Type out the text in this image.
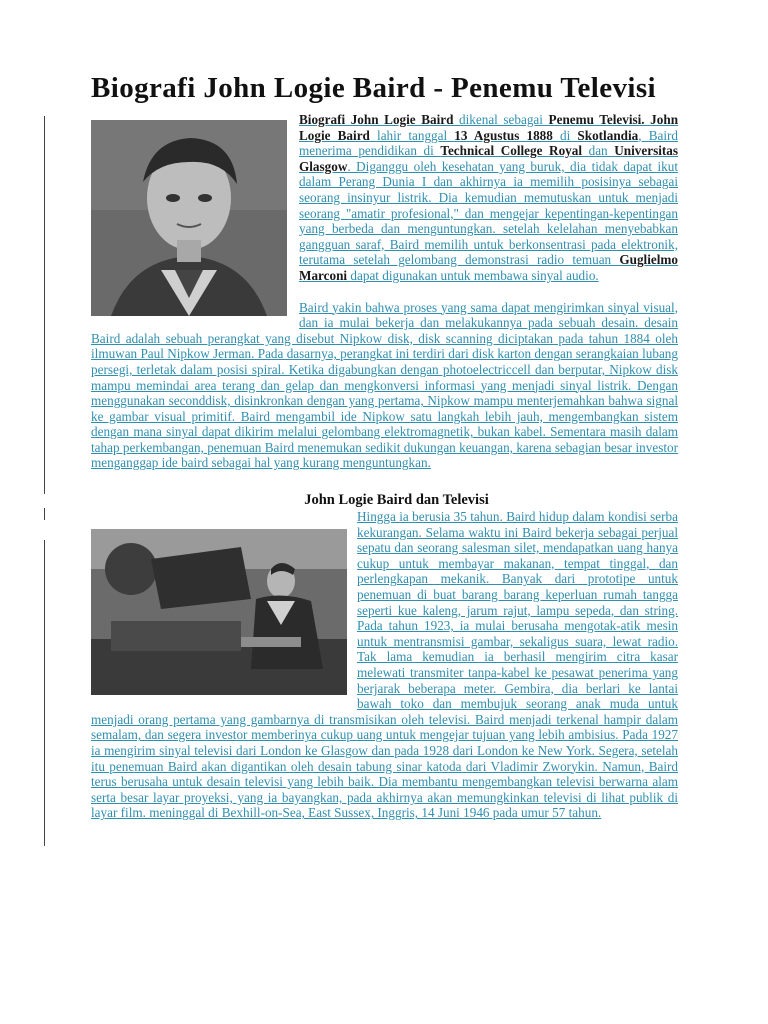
Biografi John Logie Baird - Penemu Televisi

Biografi John Logie Baird dikenal sebagai Penemu Televisi. John Logie Baird lahir tanggal 13 Agustus 1888 di Skotlandia, Baird menerima pendidikan di Technical College Royal dan Universitas Glasgow. Diganggu oleh kesehatan yang buruk, dia tidak dapat ikut dalam Perang Dunia I dan akhirnya ia memilih posisinya sebagai seorang insinyur listrik. Dia kemudian memutuskan untuk menjadi seorang "amatir profesional," dan mengejar kepentingan-kepentingan yang berbeda dan menguntungkan. setelah kelelahan menyebabkan gangguan saraf, Baird memilih untuk berkonsentrasi pada elektronik, terutama setelah gelombang demonstrasi radio temuan Guglielmo Marconi dapat digunakan untuk membawa sinyal audio.

Baird yakin bahwa proses yang sama dapat mengirimkan sinyal visual, dan ia mulai bekerja dan melakukannya pada sebuah desain. desain Baird adalah sebuah perangkat yang disebut Nipkow disk, disk scanning diciptakan pada tahun 1884 oleh ilmuwan Paul Nipkow Jerman. Pada dasarnya, perangkat ini terdiri dari disk karton dengan serangkaian lubang persegi, terletak dalam posisi spiral. Ketika digabungkan dengan photoelectriccell dan berputar, Nipkow disk mampu memindai area terang dan gelap dan mengkonversi informasi yang menjadi sinyal listrik. Dengan menggunakan seconddisk, disinkronkan dengan yang pertama, Nipkow mampu menterjemahkan bahwa signal ke gambar visual primitif. Baird mengambil ide Nipkow satu langkah lebih jauh, mengembangkan sistem dengan mana sinyal dapat dikirim melalui gelombang elektromagnetik, bukan kabel. Sementara masih dalam tahap perkembangan, penemuan Baird menemukan sedikit dukungan keuangan, karena sebagian besar investor menganggap ide baird sebagai hal yang kurang menguntungkan.

John Logie Baird dan Televisi

Hingga ia berusia 35 tahun. Baird hidup dalam kondisi serba kekurangan. Selama waktu ini Baird bekerja sebagai perjual sepatu dan seorang salesman silet, mendapatkan uang hanya cukup untuk membayar makanan, tempat tinggal, dan perlengkapan mekanik. Banyak dari prototipe untuk penemuan di buat barang barang keperluan rumah tangga seperti kue kaleng, jarum rajut, lampu sepeda, dan string. Pada tahun 1923, ia mulai berusaha mengotak-atik mesin untuk mentransmisi gambar, sekaligus suara, lewat radio. Tak lama kemudian ia berhasil mengirim citra kasar melewati transmiter tanpa-kabel ke pesawat penerima yang berjarak beberapa meter. Gembira, dia berlari ke lantai bawah toko dan membujuk seorang anak muda untuk menjadi orang pertama yang gambarnya di transmisikan oleh televisi. Baird menjadi terkenal hampir dalam semalam, dan segera investor memberinya cukup uang untuk mengejar tujuan yang lebih ambisius. Pada 1927 ia mengirim sinyal televisi dari London ke Glasgow dan pada 1928 dari London ke New York. Segera, setelah itu penemuan Baird akan digantikan oleh desain tabung sinar katoda dari Vladimir Zworykin. Namun, Baird terus berusaha untuk desain televisi yang lebih baik. Dia membantu mengembangkan televisi berwarna alam serta besar layar proyeksi, yang ia bayangkan, pada akhirnya akan memungkinkan televisi di lihat publik di layar film. meninggal di Bexhill-on-Sea, East Sussex, Inggris, 14 Juni 1946 pada umur 57 tahun.
